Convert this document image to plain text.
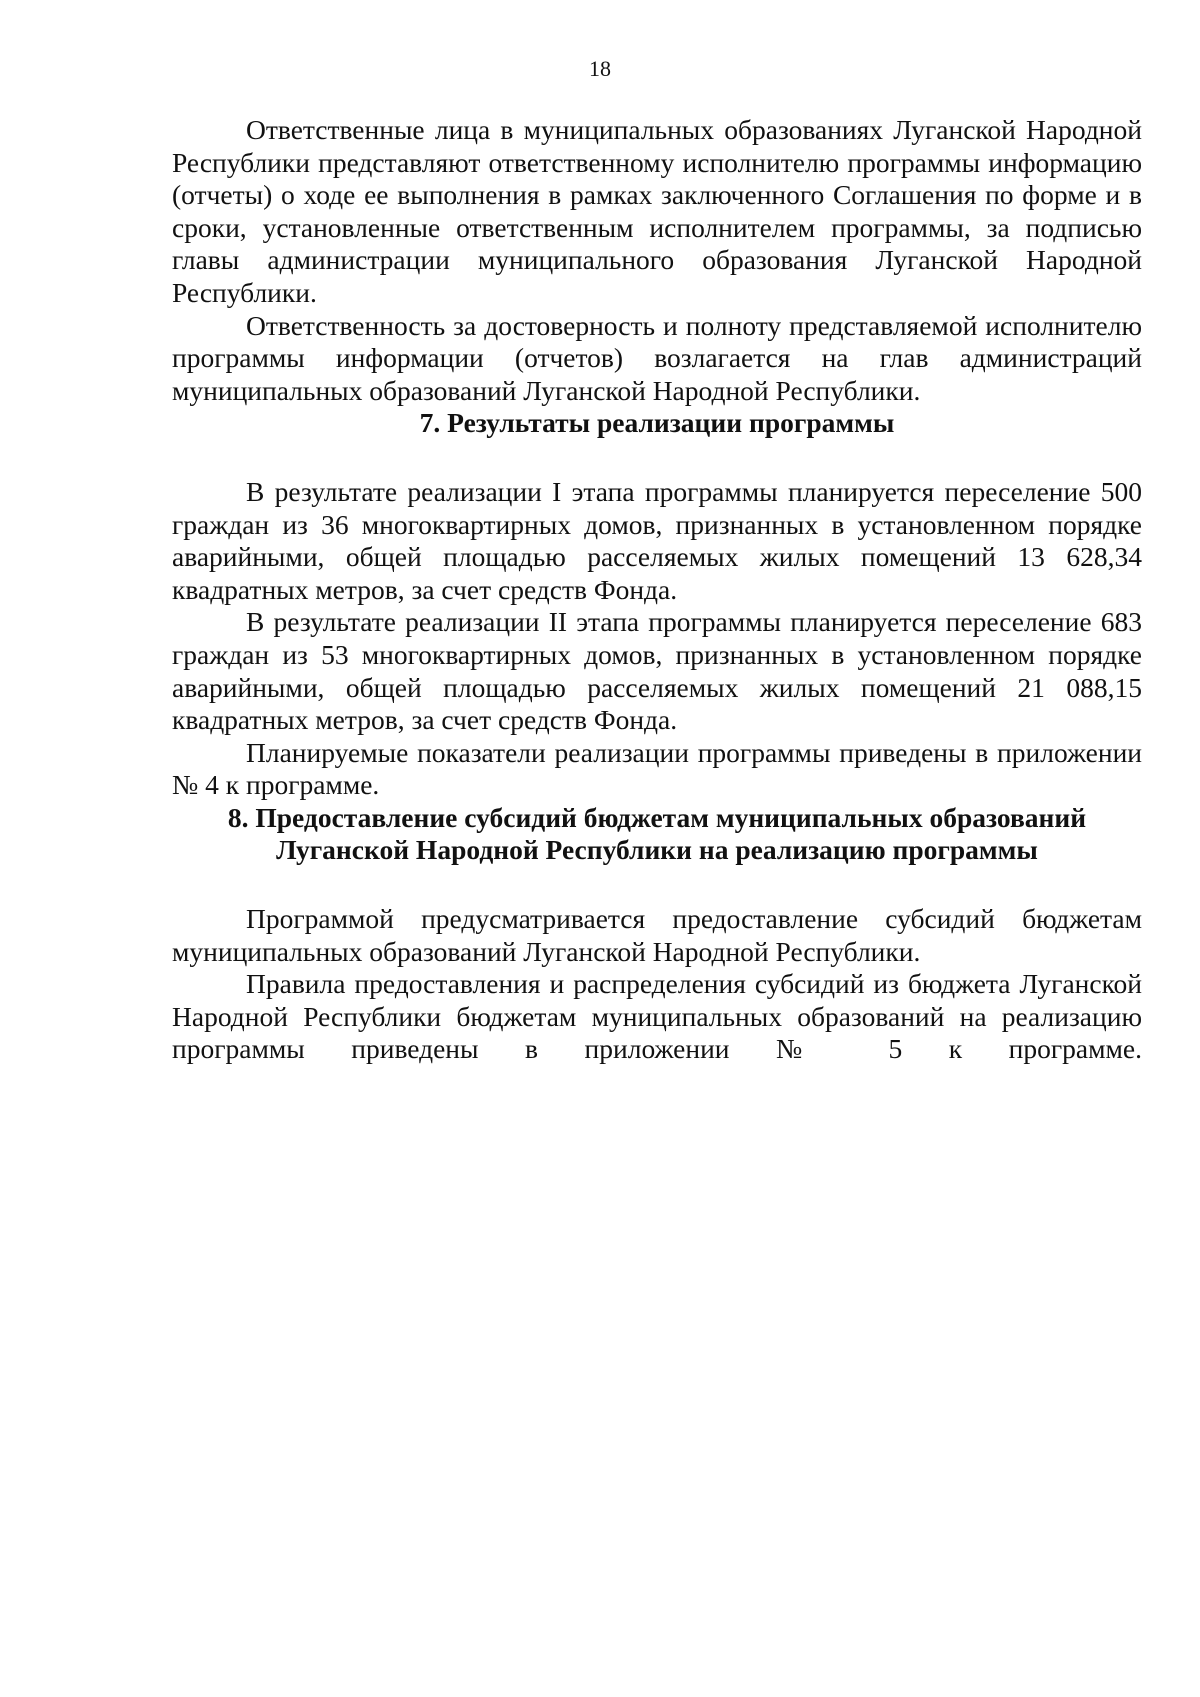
18

Ответственные лица в муниципальных образованиях Луганской Народной Республики представляют ответственному исполнителю программы информацию (отчеты) о ходе ее выполнения в рамках заключенного Соглашения по форме и в сроки, установленные ответственным исполнителем программы, за подписью главы администрации муниципального образования Луганской Народной Республики.

Ответственность за достоверность и полноту представляемой исполнителю программы информации (отчетов) возлагается на глав администраций муниципальных образований Луганской Народной Республики.

7. Результаты реализации программы

В результате реализации I этапа программы планируется переселение 500 граждан из 36 многоквартирных домов, признанных в установленном порядке аварийными, общей площадью расселяемых жилых помещений 13 628,34 квадратных метров, за счет средств Фонда.

В результате реализации II этапа программы планируется переселение 683 граждан из 53 многоквартирных домов, признанных в установленном порядке аварийными, общей площадью расселяемых жилых помещений 21 088,15 квадратных метров, за счет средств Фонда.

Планируемые показатели реализации программы приведены в приложении № 4 к программе.

8. Предоставление субсидий бюджетам муниципальных образований
Луганской Народной Республики на реализацию программы

Программой предусматривается предоставление субсидий бюджетам муниципальных образований Луганской Народной Республики.

Правила предоставления и распределения субсидий из бюджета Луганской Народной Республики бюджетам муниципальных образований на реализацию программы приведены в приложении № 5 к программе.
